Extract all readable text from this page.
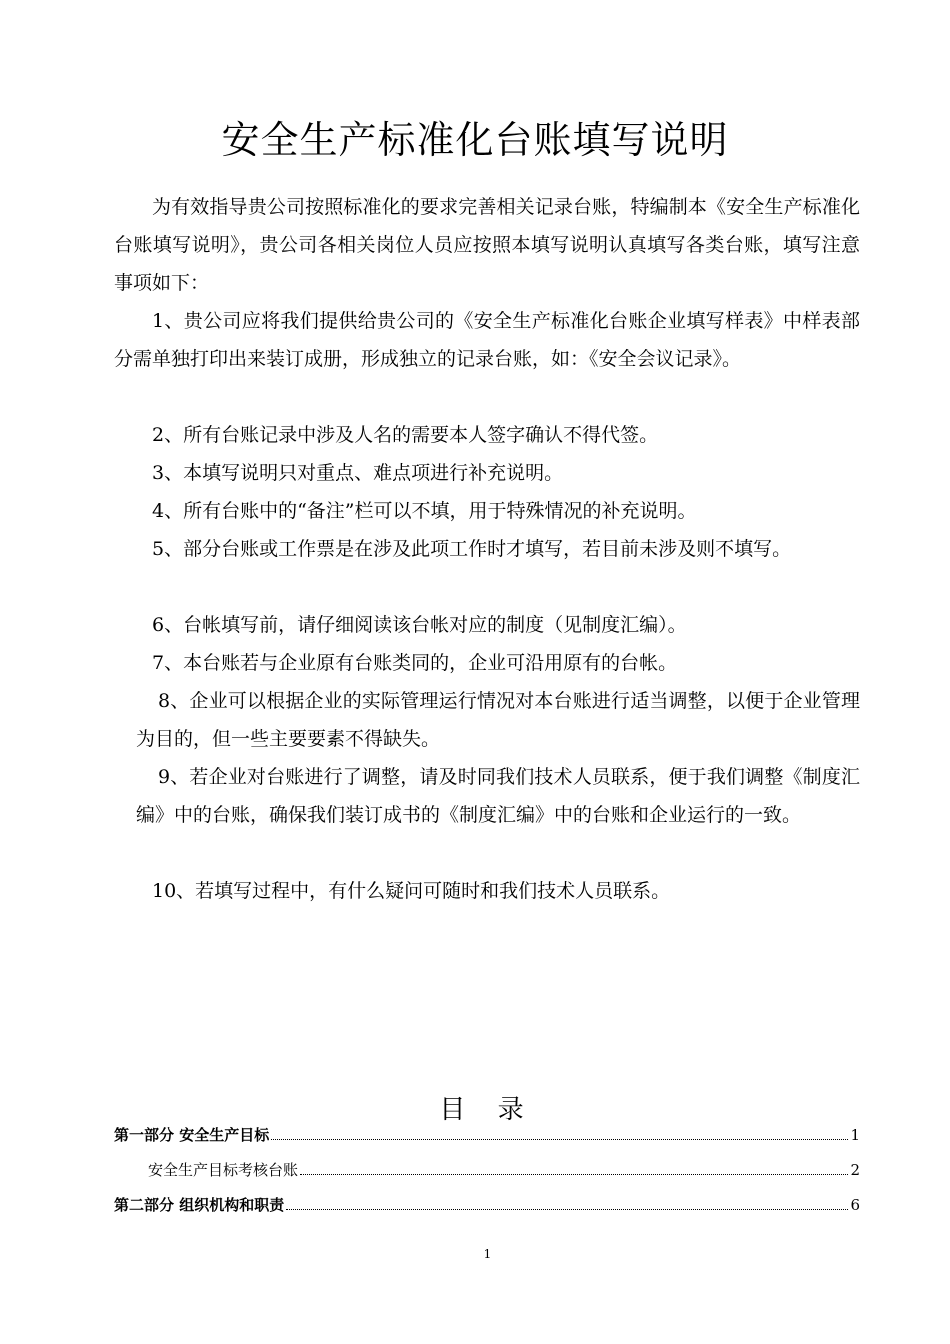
安全生产标准化台账填写说明

为有效指导贵公司按照标准化的要求完善相关记录台账，特编制本《安全生产标准化台账填写说明》，贵公司各相关岗位人员应按照本填写说明认真填写各类台账，填写注意事项如下：

1、贵公司应将我们提供给贵公司的《安全生产标准化台账企业填写样表》中样表部分需单独打印出来装订成册，形成独立的记录台账，如：《安全会议记录》。

2、所有台账记录中涉及人名的需要本人签字确认不得代签。

3、本填写说明只对重点、难点项进行补充说明。

4、所有台账中的“备注”栏可以不填，用于特殊情况的补充说明。

5、部分台账或工作票是在涉及此项工作时才填写，若目前未涉及则不填写。

6、台帐填写前，请仔细阅读该台帐对应的制度（见制度汇编）。

7、本台账若与企业原有台账类同的，企业可沿用原有的台帐。

8、企业可以根据企业的实际管理运行情况对本台账进行适当调整，以便于企业管理为目的，但一些主要要素不得缺失。

9、若企业对台账进行了调整，请及时同我们技术人员联系，便于我们调整《制度汇编》中的台账，确保我们装订成书的《制度汇编》中的台账和企业运行的一致。

10、若填写过程中，有什么疑问可随时和我们技术人员联系。

目 录
第一部分 安全生产目标	1
安全生产目标考核台账	2
第二部分 组织机构和职责	6
1
